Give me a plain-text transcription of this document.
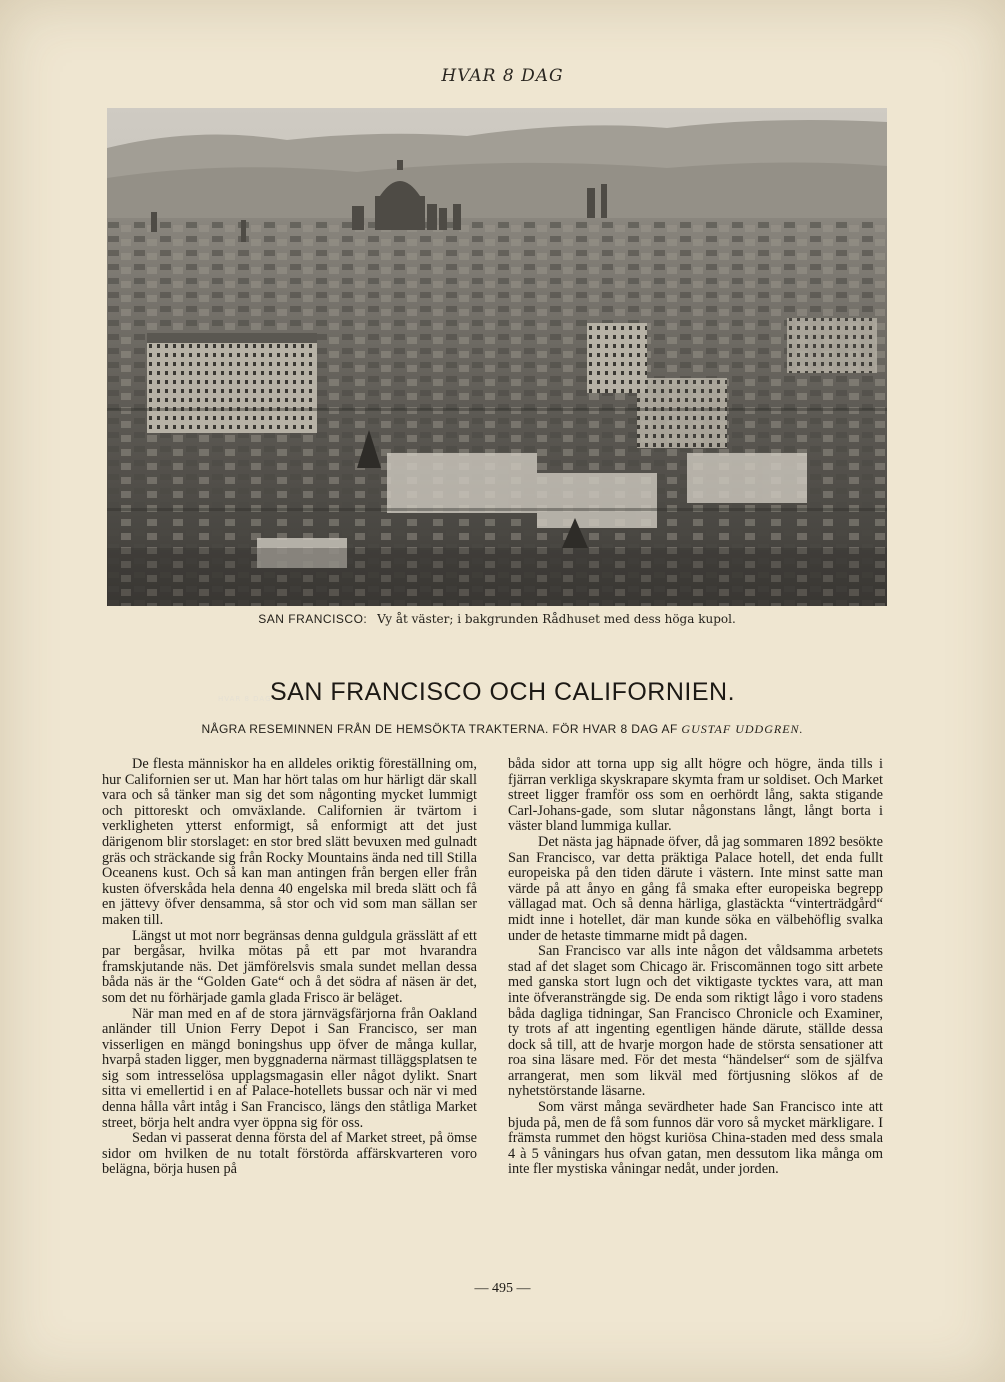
HVAR 8 DAG
HVAR 8 DAG
SAN FRANCISCO: Vy åt väster; i bakgrunden Rådhuset med dess höga kupol.
SAN FRANCISCO OCH CALIFORNIEN.
NÅGRA RESEMINNEN FRÅN DE HEMSÖKTA TRAKTERNA. FÖR HVAR 8 DAG AF GUSTAF UDDGREN.

De flesta människor ha en alldeles oriktig föreställning om, hur Californien ser ut. Man har hört talas om hur härligt där skall vara och så tänker man sig det som någonting mycket lummigt och pittoreskt och omväxlande. Californien är tvärtom i verkligheten ytterst enformigt, så enformigt att det just därigenom blir storslaget: en stor bred slätt bevuxen med gulnadt gräs och sträckande sig från Rocky Mountains ända ned till Stilla Oceanens kust. Och så kan man antingen från bergen eller från kusten öfverskåda hela denna 40 engelska mil breda slätt och få en jättevy öfver densamma, så stor och vid som man sällan ser maken till.

Längst ut mot norr begränsas denna guldgula grässlätt af ett par bergåsar, hvilka mötas på ett par mot hvarandra framskjutande näs. Det jämförelsvis smala sundet mellan dessa båda näs är the “Golden Gate“ och å det södra af näsen är det, som det nu förhärjade gamla glada Frisco är beläget.

När man med en af de stora järnvägsfärjorna från Oakland anländer till Union Ferry Depot i San Francisco, ser man visserligen en mängd boningshus upp öfver de många kullar, hvarpå staden ligger, men byggnaderna närmast tilläggsplatsen te sig som intresselösa upplagsmagasin eller något dylikt. Snart sitta vi emellertid i en af Palace-hotellets bussar och när vi med denna hålla vårt intåg i San Francisco, längs den ståtliga Market street, börja helt andra vyer öppna sig för oss.

Sedan vi passerat denna första del af Market street, på ömse sidor om hvilken de nu totalt förstörda affärskvarteren voro belägna, börja husen på

båda sidor att torna upp sig allt högre och högre, ända tills i fjärran verkliga skyskrapare skymta fram ur soldiset. Och Market street ligger framför oss som en oerhördt lång, sakta stigande Carl-Johans-gade, som slutar någonstans långt, långt borta i väster bland lummiga kullar.

Det nästa jag häpnade öfver, då jag sommaren 1892 besökte San Francisco, var detta präktiga Palace hotell, det enda fullt europeiska på den tiden därute i västern. Inte minst satte man värde på att ånyo en gång få smaka efter europeiska begrepp vällagad mat. Och så denna härliga, glastäckta “vinterträdgård“ midt inne i hotellet, där man kunde söka en välbehöflig svalka under de hetaste timmarne midt på dagen.

San Francisco var alls inte någon det våldsamma arbetets stad af det slaget som Chicago är. Friscomännen togo sitt arbete med ganska stort lugn och det viktigaste tycktes vara, att man inte öfveransträngde sig. De enda som riktigt lågo i voro stadens båda dagliga tidningar, San Francisco Chronicle och Examiner, ty trots af att ingenting egentligen hände därute, ställde dessa dock så till, att de hvarje morgon hade de största sensationer att roa sina läsare med. För det mesta “händelser“ som de själfva arrangerat, men som likväl med förtjusning slökos af de nyhetstörstande läsarne.

Som värst många sevärdheter hade San Francisco inte att bjuda på, men de få som funnos där voro så mycket märkligare. I främsta rummet den högst kuriösa China-staden med dess smala 4 à 5 våningars hus ofvan gatan, men dessutom lika många om inte fler mystiska våningar nedåt, under jorden.

— 495 —
